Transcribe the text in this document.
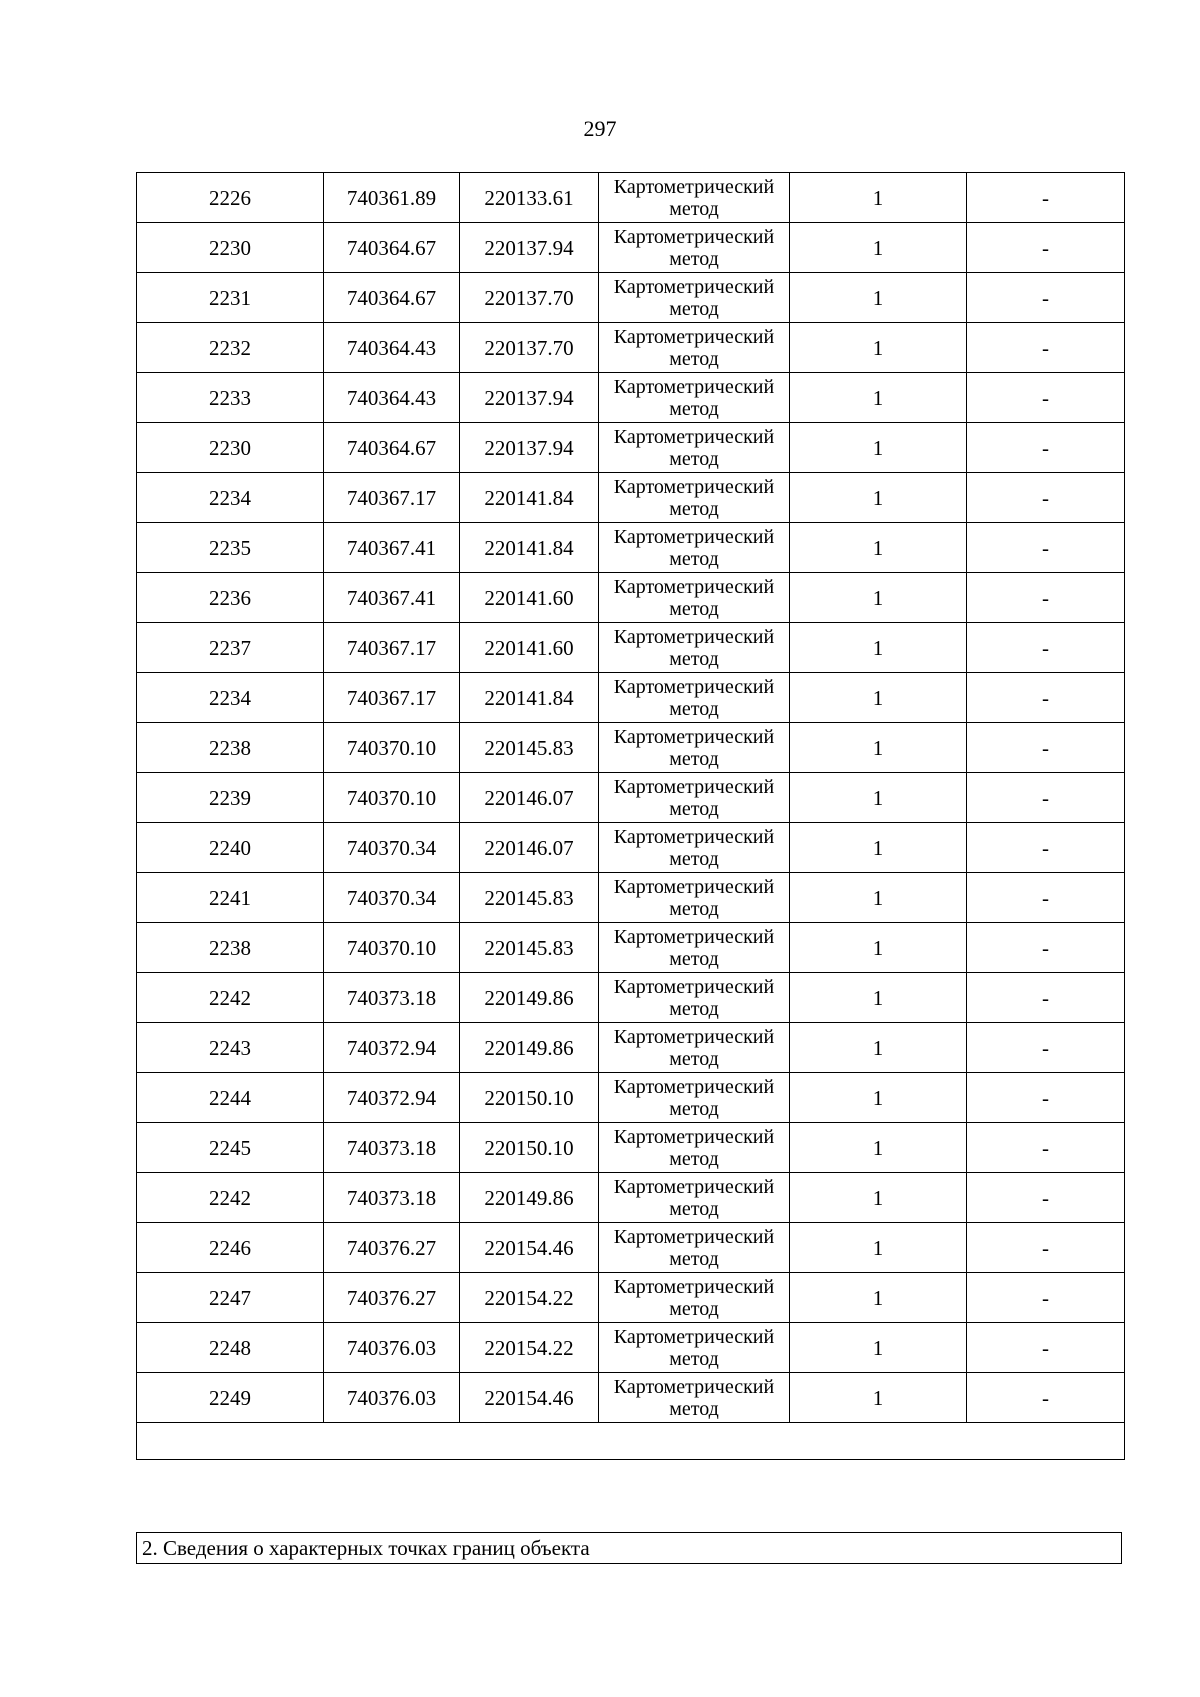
297
2226	740361.89	220133.61	Картометрический метод	1	-
2230	740364.67	220137.94	Картометрический метод	1	-
2231	740364.67	220137.70	Картометрический метод	1	-
2232	740364.43	220137.70	Картометрический метод	1	-
2233	740364.43	220137.94	Картометрический метод	1	-
2230	740364.67	220137.94	Картометрический метод	1	-
2234	740367.17	220141.84	Картометрический метод	1	-
2235	740367.41	220141.84	Картометрический метод	1	-
2236	740367.41	220141.60	Картометрический метод	1	-
2237	740367.17	220141.60	Картометрический метод	1	-
2234	740367.17	220141.84	Картометрический метод	1	-
2238	740370.10	220145.83	Картометрический метод	1	-
2239	740370.10	220146.07	Картометрический метод	1	-
2240	740370.34	220146.07	Картометрический метод	1	-
2241	740370.34	220145.83	Картометрический метод	1	-
2238	740370.10	220145.83	Картометрический метод	1	-
2242	740373.18	220149.86	Картометрический метод	1	-
2243	740372.94	220149.86	Картометрический метод	1	-
2244	740372.94	220150.10	Картометрический метод	1	-
2245	740373.18	220150.10	Картометрический метод	1	-
2242	740373.18	220149.86	Картометрический метод	1	-
2246	740376.27	220154.46	Картометрический метод	1	-
2247	740376.27	220154.22	Картометрический метод	1	-
2248	740376.03	220154.22	Картометрический метод	1	-
2249	740376.03	220154.46	Картометрический метод	1	-

2. Сведения о характерных точках границ объекта
